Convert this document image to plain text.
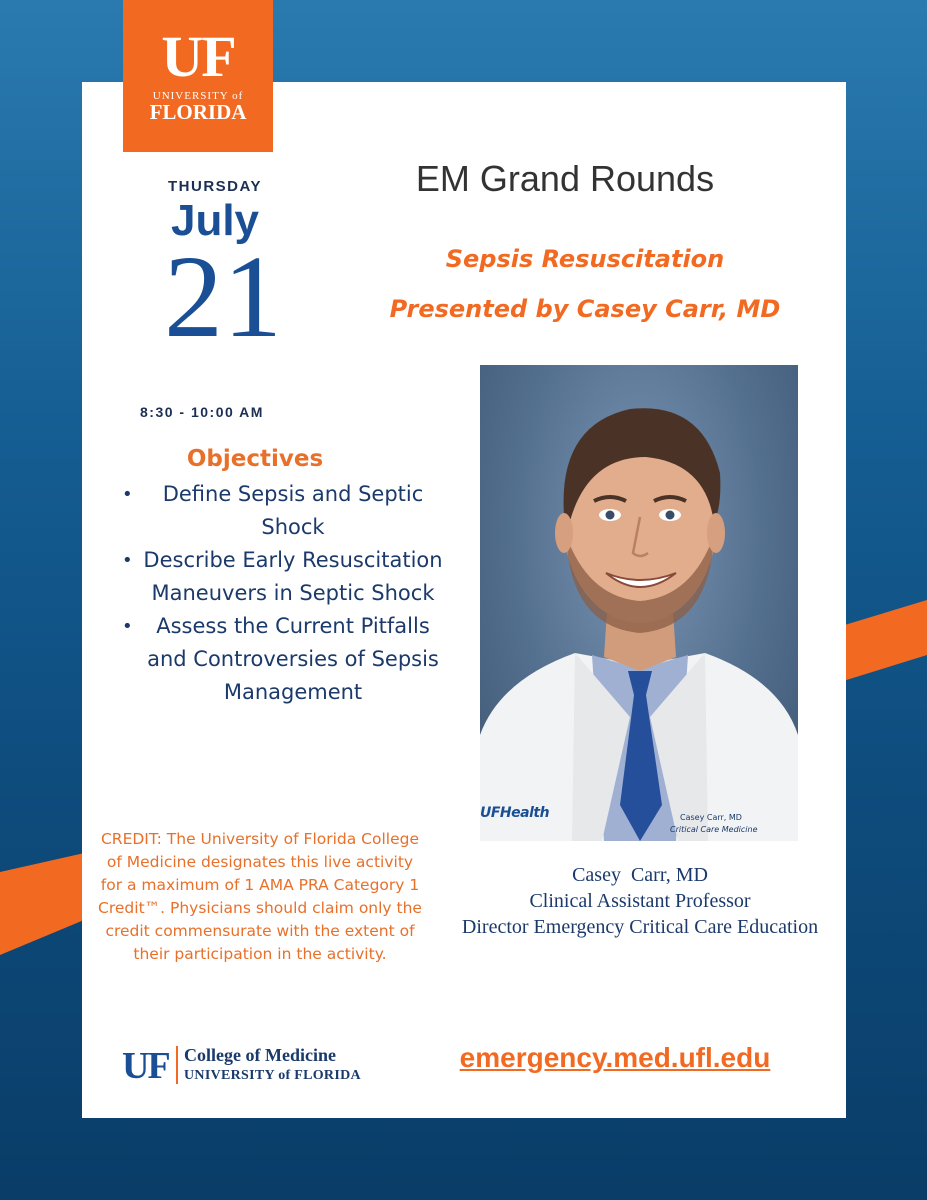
UF
UNIVERSITY of
FLORIDA
THURSDAY
July
21
8:30 - 10:00 AM
EM Grand Rounds
Sepsis Resuscitation
Presented by Casey Carr, MD
UFHealth	Casey Carr, MD
Critical Care Medicine
Casey  Carr, MD
Clinical Assistant Professor
Director Emergency Critical Care Education
Objectives
• Define Sepsis and Septic Shock
• Describe Early Resuscitation Maneuvers in Septic Shock
• Assess the Current Pitfalls and Controversies of Sepsis Management
CREDIT: The University of Florida College of Medicine designates this live activity for a maximum of 1 AMA PRA Category 1 Credit™. Physicians should claim only the credit commensurate with the extent of their participation in the activity.
UF College of Medicine
UNIVERSITY of FLORIDA
emergency.med.ufl.edu
